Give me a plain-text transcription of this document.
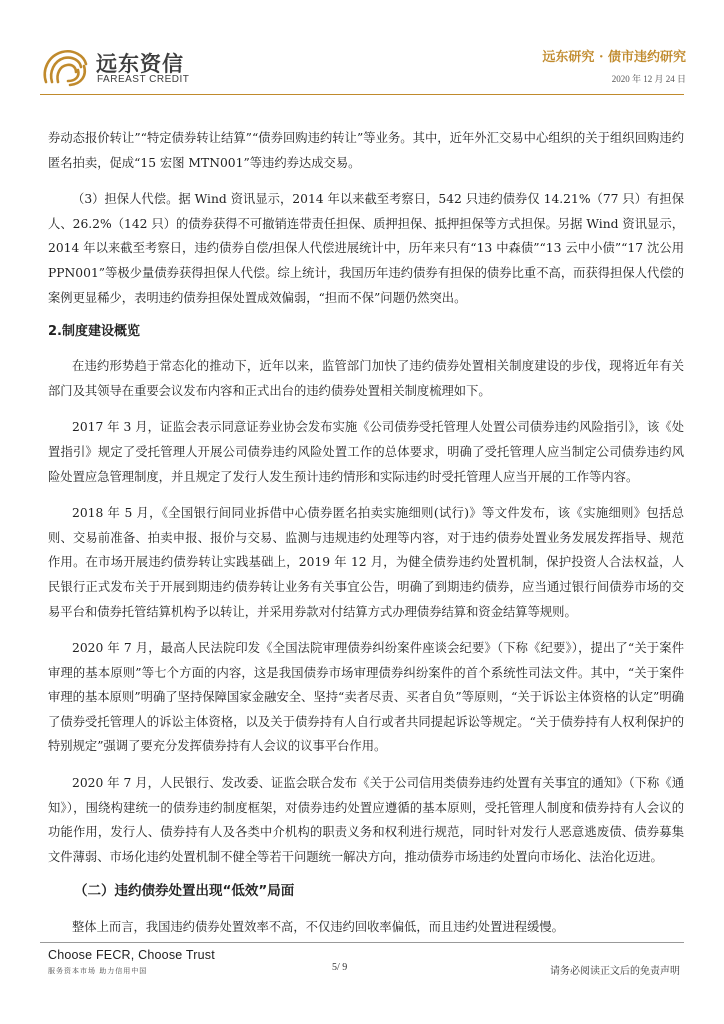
远东资信
FAREAST CREDIT
远东研究 · 债市违约研究
2020 年 12 月 24 日

券动态报价转让”“特定债券转让结算”“债券回购违约转让”等业务。其中，近年外汇交易中心组织的关于组织回购违约匿名拍卖，促成“15 宏图 MTN001”等违约券达成交易。

（3）担保人代偿。据 Wind 资讯显示，2014 年以来截至考察日，542 只违约债券仅 14.21%（77 只）有担保人、26.2%（142 只）的债券获得不可撤销连带责任担保、质押担保、抵押担保等方式担保。另据 Wind 资讯显示，2014 年以来截至考察日，违约债券自偿/担保人代偿进展统计中，历年来只有“13 中森债”“13 云中小债”“17 沈公用 PPN001”等极少量债券获得担保人代偿。综上统计，我国历年违约债券有担保的债券比重不高，而获得担保人代偿的案例更显稀少，表明违约债券担保处置成效偏弱，“担而不保”问题仍然突出。

2.制度建设概览

在违约形势趋于常态化的推动下，近年以来，监管部门加快了违约债券处置相关制度建设的步伐，现将近年有关部门及其领导在重要会议发布内容和正式出台的违约债券处置相关制度梳理如下。

2017 年 3 月，证监会表示同意证券业协会发布实施《公司债券受托管理人处置公司债券违约风险指引》，该《处置指引》规定了受托管理人开展公司债券违约风险处置工作的总体要求，明确了受托管理人应当制定公司债券违约风险处置应急管理制度，并且规定了发行人发生预计违约情形和实际违约时受托管理人应当开展的工作等内容。

2018 年 5 月，《全国银行间同业拆借中心债券匿名拍卖实施细则(试行)》等文件发布，该《实施细则》包括总则、交易前准备、拍卖申报、报价与交易、监测与违规违约处理等内容，对于违约债券处置业务发展发挥指导、规范作用。在市场开展违约债券转让实践基础上，2019 年 12 月，为健全债券违约处置机制，保护投资人合法权益，人民银行正式发布关于开展到期违约债券转让业务有关事宜公告，明确了到期违约债券，应当通过银行间债券市场的交易平台和债券托管结算机构予以转让，并采用券款对付结算方式办理债券结算和资金结算等规则。

2020 年 7 月，最高人民法院印发《全国法院审理债券纠纷案件座谈会纪要》（下称《纪要》），提出了“关于案件审理的基本原则”等七个方面的内容，这是我国债券市场审理债券纠纷案件的首个系统性司法文件。其中，“关于案件审理的基本原则”明确了坚持保障国家金融安全、坚持“卖者尽责、买者自负”等原则，“关于诉讼主体资格的认定”明确了债券受托管理人的诉讼主体资格，以及关于债券持有人自行或者共同提起诉讼等规定。“关于债券持有人权利保护的特别规定”强调了要充分发挥债券持有人会议的议事平台作用。

2020 年 7 月，人民银行、发改委、证监会联合发布《关于公司信用类债券违约处置有关事宜的通知》（下称《通知》），围绕构建统一的债券违约制度框架，对债券违约处置应遵循的基本原则，受托管理人制度和债券持有人会议的功能作用，发行人、债券持有人及各类中介机构的职责义务和权利进行规范，同时针对发行人恶意逃废债、债券募集文件薄弱、市场化违约处置机制不健全等若干问题统一解决方向，推动债券市场违约处置向市场化、法治化迈进。

（二）违约债券处置出现“低效”局面

整体上而言，我国违约债券处置效率不高，不仅违约回收率偏低，而且违约处置进程缓慢。

Choose FECR, Choose Trust
服务资本市场 助力信用中国	5/ 9	请务必阅读正文后的免责声明
